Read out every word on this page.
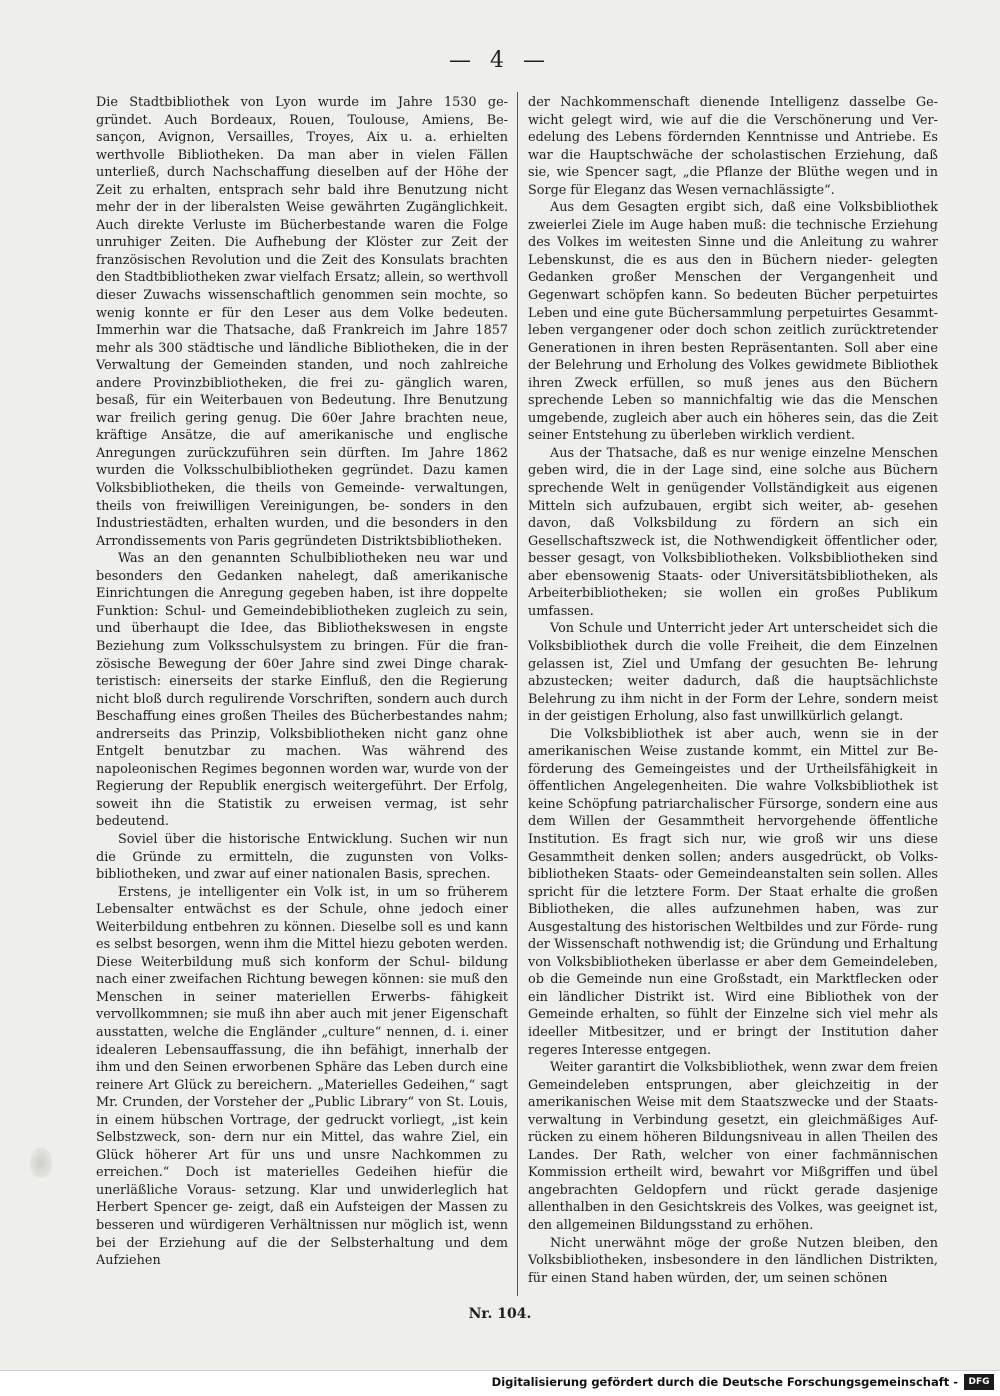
— 4 —

Die Stadtbibliothek von Lyon wurde im Jahre 1530 ge- gründet. Auch Bordeaux, Rouen, Toulouse, Amiens, Be- sançon, Avignon, Versailles, Troyes, Aix u. a. erhielten werthvolle Bibliotheken. Da man aber in vielen Fällen unterließ, durch Nachschaffung dieselben auf der Höhe der Zeit zu erhalten, entsprach sehr bald ihre Benutzung nicht mehr der in der liberalsten Weise gewährten Zugänglichkeit. Auch direkte Verluste im Bücherbestande waren die Folge unruhiger Zeiten. Die Aufhebung der Klöster zur Zeit der französischen Revolution und die Zeit des Konsulats brachten den Stadtbibliotheken zwar vielfach Ersatz; allein, so werthvoll dieser Zuwachs wissenschaftlich genommen sein mochte, so wenig konnte er für den Leser aus dem Volke bedeuten. Immerhin war die Thatsache, daß Frankreich im Jahre 1857 mehr als 300 städtische und ländliche Bibliotheken, die in der Verwaltung der Gemeinden standen, und noch zahlreiche andere Provinzbibliotheken, die frei zu- gänglich waren, besaß, für ein Weiterbauen von Bedeutung. Ihre Benutzung war freilich gering genug. Die 60er Jahre brachten neue, kräftige Ansätze, die auf amerikanische und englische Anregungen zurückzuführen sein dürften. Im Jahre 1862 wurden die Volksschulbibliotheken gegründet. Dazu kamen Volksbibliotheken, die theils von Gemeinde- verwaltungen, theils von freiwilligen Vereinigungen, be- sonders in den Industriestädten, erhalten wurden, und die besonders in den Arrondissements von Paris gegründeten Distriktsbibliotheken.

Was an den genannten Schulbibliotheken neu war und besonders den Gedanken nahelegt, daß amerikanische Einrichtungen die Anregung gegeben haben, ist ihre doppelte Funktion: Schul- und Gemeindebibliotheken zugleich zu sein, und überhaupt die Idee, das Bibliothekswesen in engste Beziehung zum Volksschulsystem zu bringen. Für die fran- zösische Bewegung der 60er Jahre sind zwei Dinge charak- teristisch: einerseits der starke Einfluß, den die Regierung nicht bloß durch regulirende Vorschriften, sondern auch durch Beschaffung eines großen Theiles des Bücherbestandes nahm; andrerseits das Prinzip, Volksbibliotheken nicht ganz ohne Entgelt benutzbar zu machen. Was während des napoleonischen Regimes begonnen worden war, wurde von der Regierung der Republik energisch weitergeführt. Der Erfolg, soweit ihn die Statistik zu erweisen vermag, ist sehr bedeutend.

Soviel über die historische Entwicklung. Suchen wir nun die Gründe zu ermitteln, die zugunsten von Volks- bibliotheken, und zwar auf einer nationalen Basis, sprechen.

Erstens, je intelligenter ein Volk ist, in um so früherem Lebensalter entwächst es der Schule, ohne jedoch einer Weiterbildung entbehren zu können. Dieselbe soll es und kann es selbst besorgen, wenn ihm die Mittel hiezu geboten werden. Diese Weiterbildung muß sich konform der Schul- bildung nach einer zweifachen Richtung bewegen können: sie muß den Menschen in seiner materiellen Erwerbs- fähigkeit vervollkommnen; sie muß ihn aber auch mit jener Eigenschaft ausstatten, welche die Engländer „culture“ nennen, d. i. einer idealeren Lebensauffassung, die ihn befähigt, innerhalb der ihm und den Seinen erworbenen Sphäre das Leben durch eine reinere Art Glück zu bereichern. „Materielles Gedeihen,“ sagt Mr. Crunden, der Vorsteher der „Public Library“ von St. Louis, in einem hübschen Vortrage, der gedruckt vorliegt, „ist kein Selbstzweck, son- dern nur ein Mittel, das wahre Ziel, ein Glück höherer Art für uns und unsre Nachkommen zu erreichen.“ Doch ist materielles Gedeihen hiefür die unerläßliche Voraus- setzung. Klar und unwiderleglich hat Herbert Spencer ge- zeigt, daß ein Aufsteigen der Massen zu besseren und würdigeren Verhältnissen nur möglich ist, wenn bei der Erziehung auf die der Selbsterhaltung und dem Aufziehen

der Nachkommenschaft dienende Intelligenz dasselbe Ge- wicht gelegt wird, wie auf die die Verschönerung und Ver- edelung des Lebens fördernden Kenntnisse und Antriebe. Es war die Hauptschwäche der scholastischen Erziehung, daß sie, wie Spencer sagt, „die Pflanze der Blüthe wegen und in Sorge für Eleganz das Wesen vernachlässigte“.

Aus dem Gesagten ergibt sich, daß eine Volksbibliothek zweierlei Ziele im Auge haben muß: die technische Erziehung des Volkes im weitesten Sinne und die Anleitung zu wahrer Lebenskunst, die es aus den in Büchern nieder- gelegten Gedanken großer Menschen der Vergangenheit und Gegenwart schöpfen kann. So bedeuten Bücher perpetuirtes Leben und eine gute Büchersammlung perpetuirtes Gesammt- leben vergangener oder doch schon zeitlich zurücktretender Generationen in ihren besten Repräsentanten. Soll aber eine der Belehrung und Erholung des Volkes gewidmete Bibliothek ihren Zweck erfüllen, so muß jenes aus den Büchern sprechende Leben so mannichfaltig wie das die Menschen umgebende, zugleich aber auch ein höheres sein, das die Zeit seiner Entstehung zu überleben wirklich verdient.

Aus der Thatsache, daß es nur wenige einzelne Menschen geben wird, die in der Lage sind, eine solche aus Büchern sprechende Welt in genügender Vollständigkeit aus eigenen Mitteln sich aufzubauen, ergibt sich weiter, ab- gesehen davon, daß Volksbildung zu fördern an sich ein Gesellschaftszweck ist, die Nothwendigkeit öffentlicher oder, besser gesagt, von Volksbibliotheken. Volksbibliotheken sind aber ebensowenig Staats- oder Universitätsbibliotheken, als Arbeiterbibliotheken; sie wollen ein großes Publikum umfassen.

Von Schule und Unterricht jeder Art unterscheidet sich die Volksbibliothek durch die volle Freiheit, die dem Einzelnen gelassen ist, Ziel und Umfang der gesuchten Be- lehrung abzustecken; weiter dadurch, daß die hauptsächlichste Belehrung zu ihm nicht in der Form der Lehre, sondern meist in der geistigen Erholung, also fast unwillkürlich gelangt.

Die Volksbibliothek ist aber auch, wenn sie in der amerikanischen Weise zustande kommt, ein Mittel zur Be- förderung des Gemeingeistes und der Urtheilsfähigkeit in öffentlichen Angelegenheiten. Die wahre Volksbibliothek ist keine Schöpfung patriarchalischer Fürsorge, sondern eine aus dem Willen der Gesammtheit hervorgehende öffentliche Institution. Es fragt sich nur, wie groß wir uns diese Gesammtheit denken sollen; anders ausgedrückt, ob Volks- bibliotheken Staats- oder Gemeindeanstalten sein sollen. Alles spricht für die letztere Form. Der Staat erhalte die großen Bibliotheken, die alles aufzunehmen haben, was zur Ausgestaltung des historischen Weltbildes und zur Förde- rung der Wissenschaft nothwendig ist; die Gründung und Erhaltung von Volksbibliotheken überlasse er aber dem Gemeindeleben, ob die Gemeinde nun eine Großstadt, ein Marktflecken oder ein ländlicher Distrikt ist. Wird eine Bibliothek von der Gemeinde erhalten, so fühlt der Einzelne sich viel mehr als ideeller Mitbesitzer, und er bringt der Institution daher regeres Interesse entgegen.

Weiter garantirt die Volksbibliothek, wenn zwar dem freien Gemeindeleben entsprungen, aber gleichzeitig in der amerikanischen Weise mit dem Staatszwecke und der Staats- verwaltung in Verbindung gesetzt, ein gleichmäßiges Auf- rücken zu einem höheren Bildungsniveau in allen Theilen des Landes. Der Rath, welcher von einer fachmännischen Kommission ertheilt wird, bewahrt vor Mißgriffen und übel angebrachten Geldopfern und rückt gerade dasjenige allenthalben in den Gesichtskreis des Volkes, was geeignet ist, den allgemeinen Bildungsstand zu erhöhen.

Nicht unerwähnt möge der große Nutzen bleiben, den Volksbibliotheken, insbesondere in den ländlichen Distrikten, für einen Stand haben würden, der, um seinen schönen

Nr. 104.
Digitalisierung gefördert durch die Deutsche Forschungsgemeinschaft -	DFG
